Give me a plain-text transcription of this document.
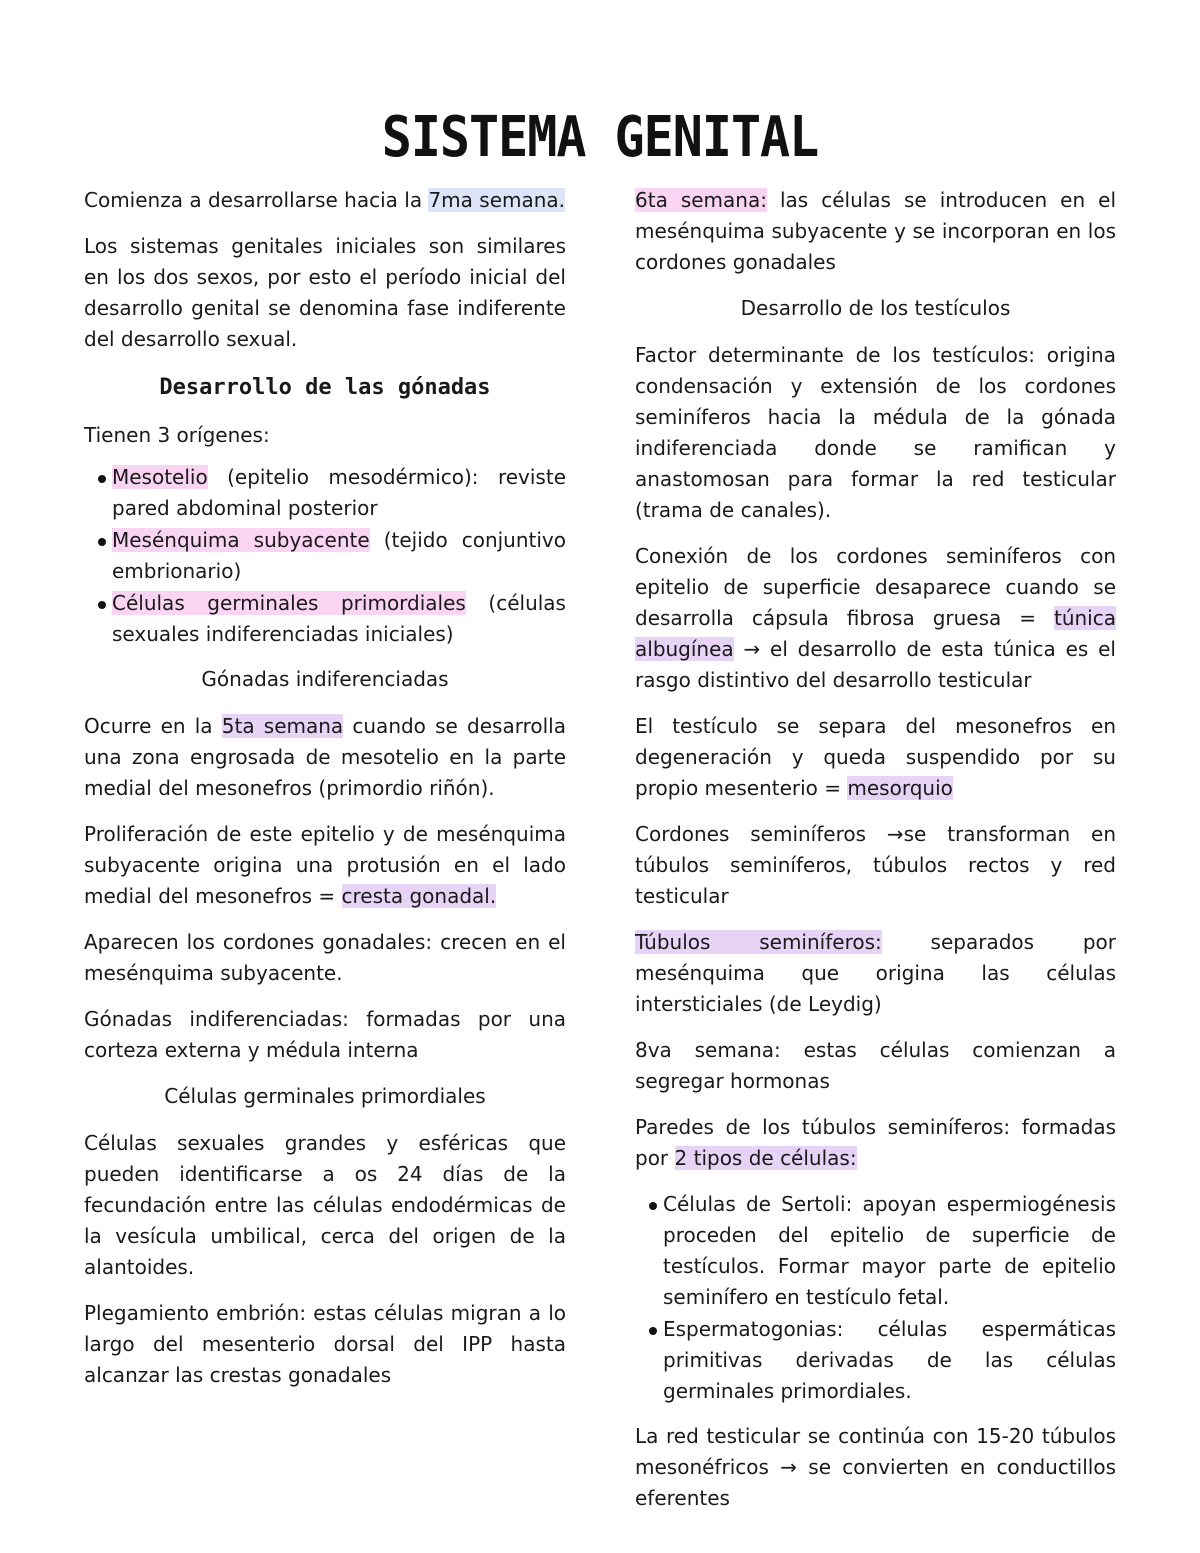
SISTEMA GENITAL

Comienza a desarrollarse hacia la 7ma semana.

Los sistemas genitales iniciales son similares en los dos sexos, por esto el período inicial del desarrollo genital se denomina fase indiferente del desarrollo sexual.

Desarrollo de las gónadas

Tienen 3 orígenes:

Mesotelio (epitelio mesodérmico): reviste pared abdominal posterior
Mesénquima subyacente (tejido conjuntivo embrionario)
Células germinales primordiales (células sexuales indiferenciadas iniciales)
Gónadas indiferenciadas

Ocurre en la 5ta semana cuando se desarrolla una zona engrosada de mesotelio en la parte medial del mesonefros (primordio riñón).

Proliferación de este epitelio y de mesénquima subyacente origina una protusión en el lado medial del mesonefros = cresta gonadal.

Aparecen los cordones gonadales: crecen en el mesénquima subyacente.

Gónadas indiferenciadas: formadas por una corteza externa y médula interna

Células germinales primordiales

Células sexuales grandes y esféricas que pueden identificarse a os 24 días de la fecundación entre las células endodérmicas de la vesícula umbilical, cerca del origen de la alantoides.

Plegamiento embrión: estas células migran a lo largo del mesenterio dorsal del IPP hasta alcanzar las crestas gonadales

6ta semana: las células se introducen en el mesénquima subyacente y se incorporan en los cordones gonadales

Desarrollo de los testículos

Factor determinante de los testículos: origina condensación y extensión de los cordones seminíferos hacia la médula de la gónada indiferenciada donde se ramifican y anastomosan para formar la red testicular (trama de canales).

Conexión de los cordones seminíferos con epitelio de superficie desaparece cuando se desarrolla cápsula fibrosa gruesa = túnica albugínea → el desarrollo de esta túnica es el rasgo distintivo del desarrollo testicular

El testículo se separa del mesonefros en degeneración y queda suspendido por su propio mesenterio = mesorquio

Cordones seminíferos →se transforman en túbulos seminíferos, túbulos rectos y red testicular

Túbulos seminíferos: separados por mesénquima que origina las células intersticiales (de Leydig)

8va semana: estas células comienzan a segregar hormonas

Paredes de los túbulos seminíferos: formadas por 2 tipos de células:

Células de Sertoli: apoyan espermiogénesis proceden del epitelio de superficie de testículos. Formar mayor parte de epitelio seminífero en testículo fetal.
Espermatogonias: células espermáticas primitivas derivadas de las células germinales primordiales.

La red testicular se continúa con 15-20 túbulos mesonéfricos → se convierten en conductillos eferentes
